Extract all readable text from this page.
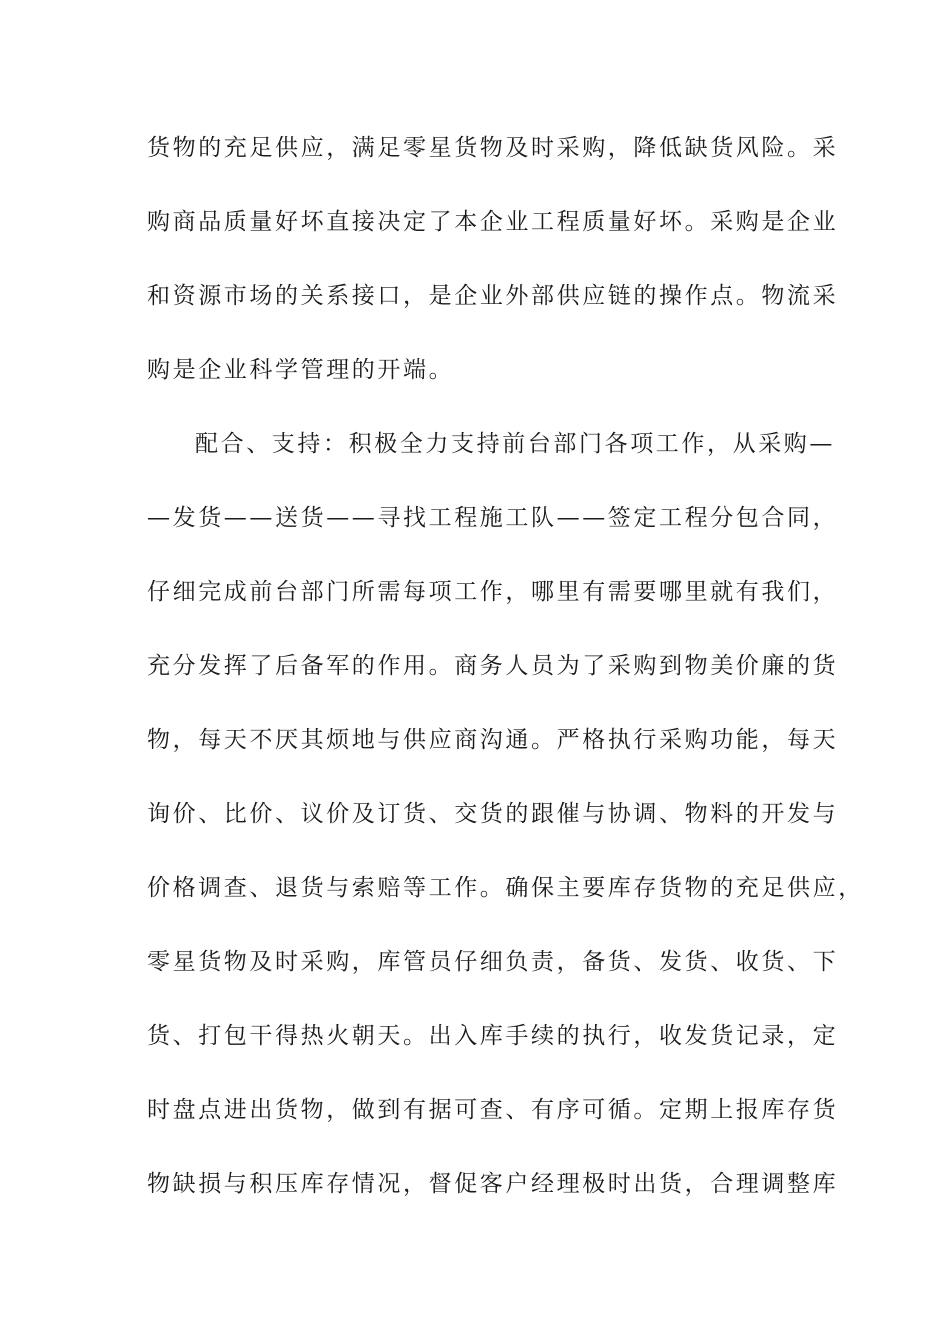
货物的充足供应，满足零星货物及时采购，降低缺货风险。采
购商品质量好坏直接决定了本企业工程质量好坏。采购是企业
和资源市场的关系接口，是企业外部供应链的操作点。物流采
购是企业科学管理的开端。
配合、支持：积极全力支持前台部门各项工作，从采购—
—发货——送货——寻找工程施工队——签定工程分包合同，
仔细完成前台部门所需每项工作，哪里有需要哪里就有我们，
充分发挥了后备军的作用。商务人员为了采购到物美价廉的货
物，每天不厌其烦地与供应商沟通。严格执行采购功能，每天
询价、比价、议价及订货、交货的跟催与协调、物料的开发与
价格调查、退货与索赔等工作。确保主要库存货物的充足供应，
零星货物及时采购，库管员仔细负责，备货、发货、收货、下
货、打包干得热火朝天。出入库手续的执行，收发货记录，定
时盘点进出货物，做到有据可查、有序可循。定期上报库存货
物缺损与积压库存情况，督促客户经理极时出货，合理调整库
